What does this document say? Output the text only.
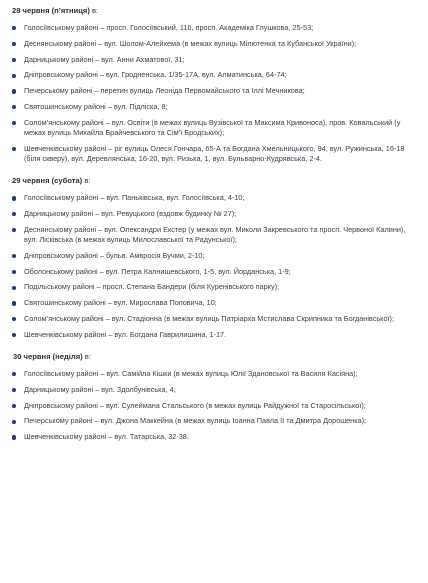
28 червня (п’ятниця) в:
Голосіївському районі – просп. Голосіївський, 116, просп. Академіка Глушкова, 25-53;
Деснянському районі – вул. Шолом-Алейхема (в межах вулиць Мілютенка та Кубанської України);
Дарницькому районі – вул. Анни Ахматової, 31;
Дніпровському районі – вул. Гродненська, 1/35-17А, вул. Алматинська, 64-74;
Печерському районі – перетин вулиць Леоніда Первомайського та Іллі Мечникова;
Святошинському районі – вул. Підліска, 8;
Солом’янському районі – вул. Освіти (в межах вулиць Вузівської та Максима Кривоноса), пров. Ковальський (у межах вулиць Михайла Брайчевського та Сім’ї Бродських);
Шевченківському районі – ріг вулиць Олеся Гончара, 65-А та Богдана Хмельницького, 94, вул. Ружинська, 16-18 (біля скверу), вул. Деревлянська, 16-20, вул. Ризька, 1, вул. Бульварно-Кудрявська, 2-4.
29 червня (субота) в:
Голосіївському районі – вул. Паньківська, вул. Голосіївська, 4-10;
Дарницькому районі – вул. Ревуцького (вздовж будинку № 27);
Деснянському районі – вул. Олександри Екстер (у межах вул. Миколи Закревського та просп. Червоної Калини), вул. Лісківська (в межах вулиць Милославської та Радунської);
Дніпровському районі – бульв. Амвросія Бучми, 2-10;
Оболонському районі – вул. Петра Калнишевського, 1-5, вул. Йорданська, 1-9;
Подільському районі – просп. Степана Бандери (біля Куренівського парку);
Святошинському районі – вул. Мирослава Поповича, 10;
Солом’янському районі – вул. Стадіонна (в межах вулиць Патріарха Мстислава Скрипника та Богданівської);
Шевченківському районі – вул. Богдана Гаврилишина, 1-17.
30 червня (неділя) в:
Голосіївському районі – вул. Самійла Кішки (в межах вулиць Юлії Здановської та Василя Касіяна);
Дарницькому районі – вул. Здолбунівська, 4;
Дніпровському районі – вул. Сулеймана Стальського (в межах вулиць Райдужної та Старосільської);
Печерському районі – вул. Джона Маккейна (в межах вулиць Іоанна Павла ІІ та Дмитра Дорошенка);
Шевченківському районі – вул. Татарська, 32-38.
